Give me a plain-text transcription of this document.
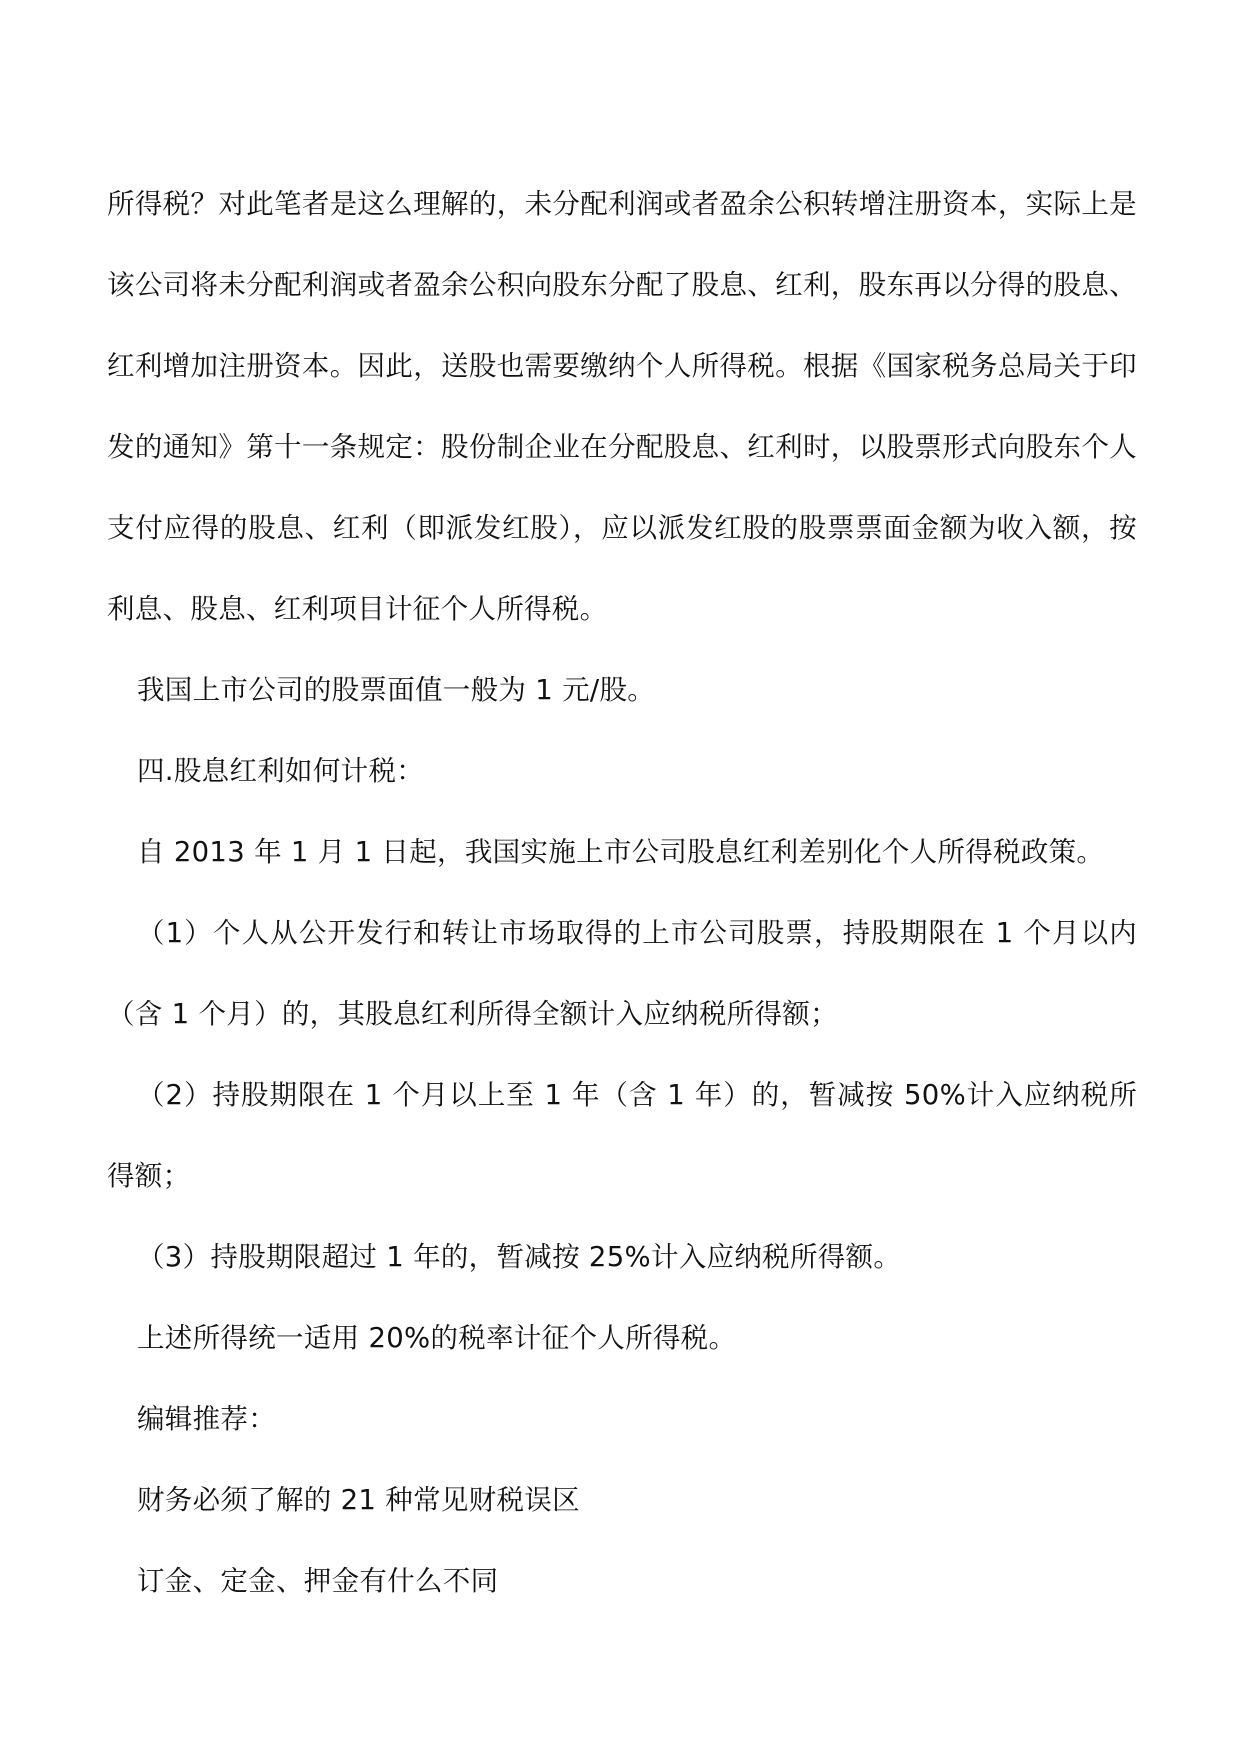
所得税？对此笔者是这么理解的，未分配利润或者盈余公积转增注册资本，实际上是该公司将未分配利润或者盈余公积向股东分配了股息、红利，股东再以分得的股息、红利增加注册资本。因此，送股也需要缴纳个人所得税。根据《国家税务总局关于印发的通知》第十一条规定：股份制企业在分配股息、红利时，以股票形式向股东个人支付应得的股息、红利（即派发红股），应以派发红股的股票票面金额为收入额，按利息、股息、红利项目计征个人所得税。

我国上市公司的股票面值一般为 1 元/股。

四.股息红利如何计税：

自 2013 年 1 月 1 日起，我国实施上市公司股息红利差别化个人所得税政策。

（1）个人从公开发行和转让市场取得的上市公司股票，持股期限在 1 个月以内（含 1 个月）的，其股息红利所得全额计入应纳税所得额；

（2）持股期限在 1 个月以上至 1 年（含 1 年）的，暂减按 50%计入应纳税所得额；

（3）持股期限超过 1 年的，暂减按 25%计入应纳税所得额。

上述所得统一适用 20%的税率计征个人所得税。

编辑推荐：

财务必须了解的 21 种常见财税误区

订金、定金、押金有什么不同
